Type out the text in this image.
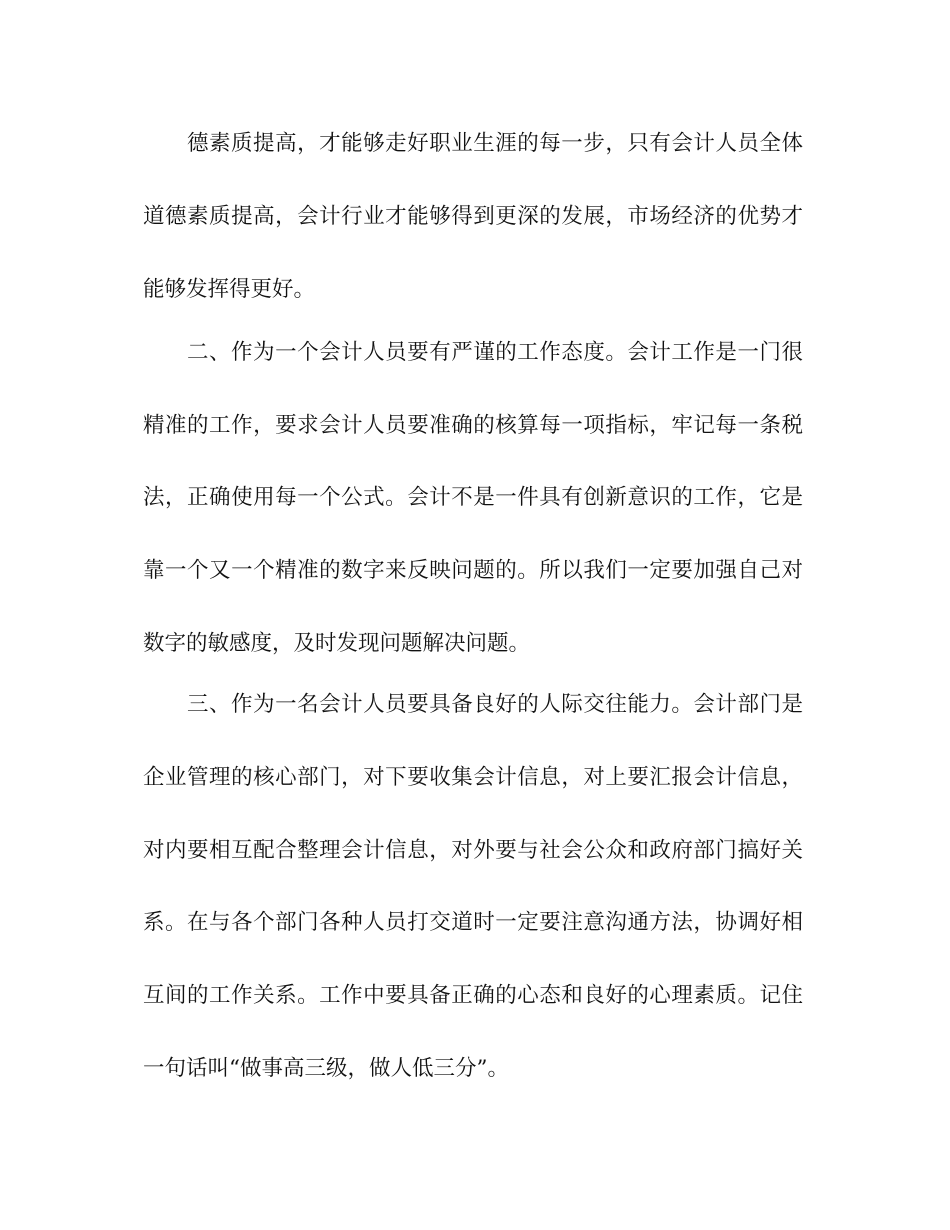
德素质提高，才能够走好职业生涯的每一步，只有会计人员全体
道德素质提高，会计行业才能够得到更深的发展，市场经济的优势才
能够发挥得更好。
二、作为一个会计人员要有严谨的工作态度。会计工作是一门很
精准的工作，要求会计人员要准确的核算每一项指标，牢记每一条税
法，正确使用每一个公式。会计不是一件具有创新意识的工作，它是
靠一个又一个精准的数字来反映问题的。所以我们一定要加强自己对
数字的敏感度，及时发现问题解决问题。
三、作为一名会计人员要具备良好的人际交往能力。会计部门是
企业管理的核心部门，对下要收集会计信息，对上要汇报会计信息，
对内要相互配合整理会计信息，对外要与社会公众和政府部门搞好关
系。在与各个部门各种人员打交道时一定要注意沟通方法，协调好相
互间的工作关系。工作中要具备正确的心态和良好的心理素质。记住
一句话叫“做事高三级，做人低三分”。
